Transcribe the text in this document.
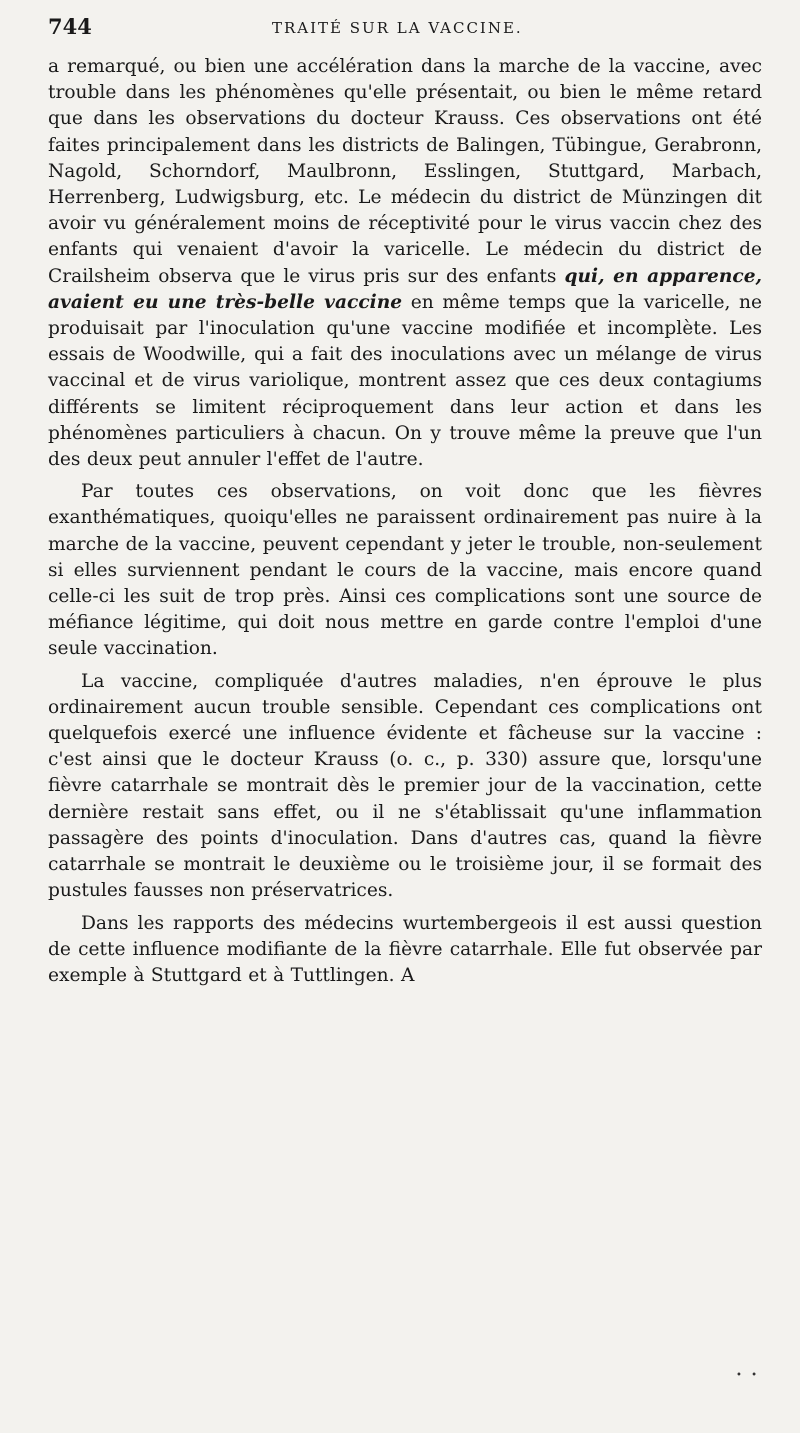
744	TRAITÉ SUR LA VACCINE.

a remarqué, ou bien une accélération dans la marche de la vaccine, avec trouble dans les phénomènes qu'elle présentait, ou bien le même retard que dans les observations du docteur Krauss. Ces observations ont été faites principalement dans les districts de Balingen, Tübingue, Gerabronn, Nagold, Schorndorf, Maulbronn, Esslingen, Stuttgard, Marbach, Herrenberg, Ludwigsburg, etc. Le médecin du district de Münzingen dit avoir vu généralement moins de réceptivité pour le virus vaccin chez des enfants qui venaient d'avoir la varicelle. Le médecin du district de Crailsheim observa que le virus pris sur des enfants qui, en apparence, avaient eu une très-belle vaccine en même temps que la varicelle, ne produisait par l'inoculation qu'une vaccine modifiée et incomplète. Les essais de Woodwille, qui a fait des inoculations avec un mélange de virus vaccinal et de virus variolique, montrent assez que ces deux contagiums différents se limitent réciproquement dans leur action et dans les phénomènes particuliers à chacun. On y trouve même la preuve que l'un des deux peut annuler l'effet de l'autre.

Par toutes ces observations, on voit donc que les fièvres exanthématiques, quoiqu'elles ne paraissent ordinairement pas nuire à la marche de la vaccine, peuvent cependant y jeter le trouble, non-seulement si elles surviennent pendant le cours de la vaccine, mais encore quand celle-ci les suit de trop près. Ainsi ces complications sont une source de méfiance légitime, qui doit nous mettre en garde contre l'emploi d'une seule vaccination.

La vaccine, compliquée d'autres maladies, n'en éprouve le plus ordinairement aucun trouble sensible. Cependant ces complications ont quelquefois exercé une influence évidente et fâcheuse sur la vaccine : c'est ainsi que le docteur Krauss (o. c., p. 330) assure que, lorsqu'une fièvre catarrhale se montrait dès le premier jour de la vaccination, cette dernière restait sans effet, ou il ne s'établissait qu'une inflammation passagère des points d'inoculation. Dans d'autres cas, quand la fièvre catarrhale se montrait le deuxième ou le troisième jour, il se formait des pustules fausses non préservatrices.

Dans les rapports des médecins wurtembergeois il est aussi question de cette influence modifiante de la fièvre catarrhale. Elle fut observée par exemple à Stuttgard et à Tuttlingen. A

• •
